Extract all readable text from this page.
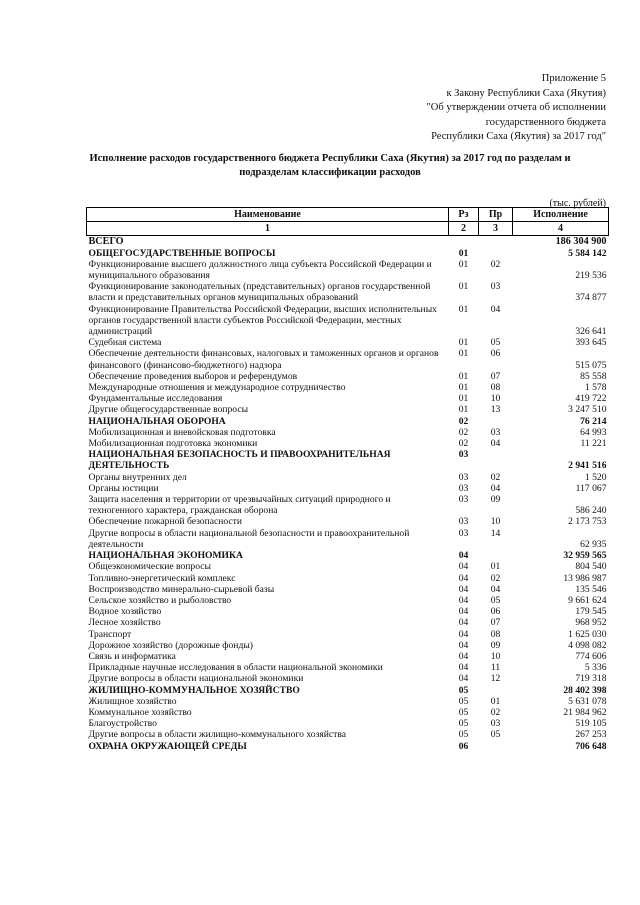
Приложение 5
к Закону Республики Саха (Якутия)
"Об утверждении отчета об исполнении
государственного бюджета
Республики Саха (Якутия) за 2017 год"
Исполнение расходов государственного бюджета Республики Саха (Якутия) за 2017 год по разделам и
подразделам классификации расходов
(тыс. рублей)
Наименование	Рз	Пр	Исполнение
1	2	3	4
ВСЕГО			186 304 900
ОБЩЕГОСУДАРСТВЕННЫЕ ВОПРОСЫ	01		5 584 142
Функционирование высшего должностного лица субъекта Российской Федерации и муниципального образования	01	02	219 536
Функционирование законодательных (представительных) органов государственной власти и представительных органов муниципальных образований	01	03	374 877
Функционирование Правительства Российской Федерации, высших исполнительных органов государственной власти субъектов Российской Федерации, местных администраций	01	04	326 641
Судебная система	01	05	393 645
Обеспечение деятельности финансовых, налоговых и таможенных органов и органов финансового (финансово-бюджетного) надзора	01	06	515 075
Обеспечение проведения выборов и референдумов	01	07	85 558
Международные отношения и международное сотрудничество	01	08	1 578
Фундаментальные исследования	01	10	419 722
Другие общегосударственные вопросы	01	13	3 247 510
НАЦИОНАЛЬНАЯ ОБОРОНА	02		76 214
Мобилизационная и вневойсковая подготовка	02	03	64 993
Мобилизационная подготовка экономики	02	04	11 221
НАЦИОНАЛЬНАЯ БЕЗОПАСНОСТЬ И ПРАВООХРАНИТЕЛЬНАЯ ДЕЯТЕЛЬНОСТЬ	03		2 941 516
Органы внутренних дел	03	02	1 520
Органы юстиции	03	04	117 067
Защита населения и территории от чрезвычайных ситуаций природного и техногенного характера, гражданская оборона	03	09	586 240
Обеспечение пожарной безопасности	03	10	2 173 753
Другие вопросы в области национальной безопасности и правоохранительной деятельности	03	14	62 935
НАЦИОНАЛЬНАЯ ЭКОНОМИКА	04		32 959 565
Общеэкономические вопросы	04	01	804 540
Топливно-энергетический комплекс	04	02	13 986 987
Воспроизводство минерально-сырьевой базы	04	04	135 546
Сельское хозяйство и рыболовство	04	05	9 661 624
Водное хозяйство	04	06	179 545
Лесное хозяйство	04	07	968 952
Транспорт	04	08	1 625 030
Дорожное хозяйство (дорожные фонды)	04	09	4 098 082
Связь и информатика	04	10	774 606
Прикладные научные исследования в области национальной экономики	04	11	5 336
Другие вопросы в области национальной экономики	04	12	719 318
ЖИЛИЩНО-КОММУНАЛЬНОЕ ХОЗЯЙСТВО	05		28 402 398
Жилищное хозяйство	05	01	5 631 078
Коммунальное хозяйство	05	02	21 984 962
Благоустройство	05	03	519 105
Другие вопросы в области жилищно-коммунального хозяйства	05	05	267 253
ОХРАНА ОКРУЖАЮЩЕЙ СРЕДЫ	06		706 648
